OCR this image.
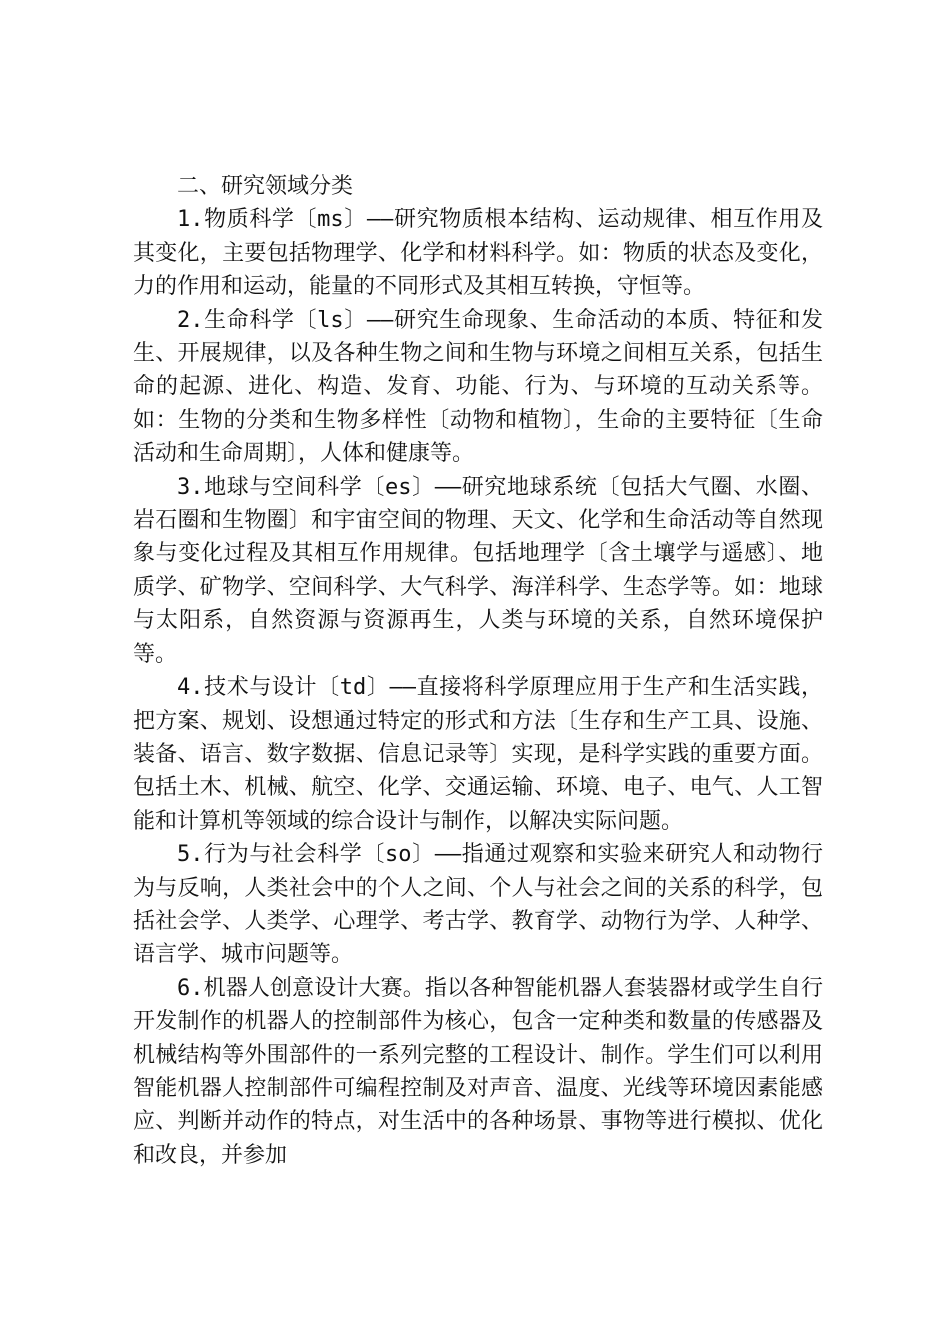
二、研究领域分类

1.物质科学〔ms〕——研究物质根本结构、运动规律、相互作用及其变化，主要包括物理学、化学和材料科学。如：物质的状态及变化，力的作用和运动，能量的不同形式及其相互转换，守恒等。

2.生命科学〔ls〕——研究生命现象、生命活动的本质、特征和发生、开展规律，以及各种生物之间和生物与环境之间相互关系，包括生命的起源、进化、构造、发育、功能、行为、与环境的互动关系等。如：生物的分类和生物多样性〔动物和植物〕，生命的主要特征〔生命活动和生命周期〕，人体和健康等。

3.地球与空间科学〔es〕——研究地球系统〔包括大气圈、水圈、岩石圈和生物圈〕和宇宙空间的物理、天文、化学和生命活动等自然现象与变化过程及其相互作用规律。包括地理学〔含土壤学与遥感〕、地质学、矿物学、空间科学、大气科学、海洋科学、生态学等。如：地球与太阳系，自然资源与资源再生，人类与环境的关系，自然环境保护等。

4.技术与设计〔td〕——直接将科学原理应用于生产和生活实践，把方案、规划、设想通过特定的形式和方法〔生存和生产工具、设施、装备、语言、数字数据、信息记录等〕实现，是科学实践的重要方面。包括土木、机械、航空、化学、交通运输、环境、电子、电气、人工智能和计算机等领域的综合设计与制作，以解决实际问题。

5.行为与社会科学〔so〕——指通过观察和实验来研究人和动物行为与反响，人类社会中的个人之间、个人与社会之间的关系的科学，包括社会学、人类学、心理学、考古学、教育学、动物行为学、人种学、语言学、城市问题等。

6.机器人创意设计大赛。指以各种智能机器人套装器材或学生自行开发制作的机器人的控制部件为核心，包含一定种类和数量的传感器及机械结构等外围部件的一系列完整的工程设计、制作。学生们可以利用智能机器人控制部件可编程控制及对声音、温度、光线等环境因素能感应、判断并动作的特点，对生活中的各种场景、事物等进行模拟、优化和改良，并参加
